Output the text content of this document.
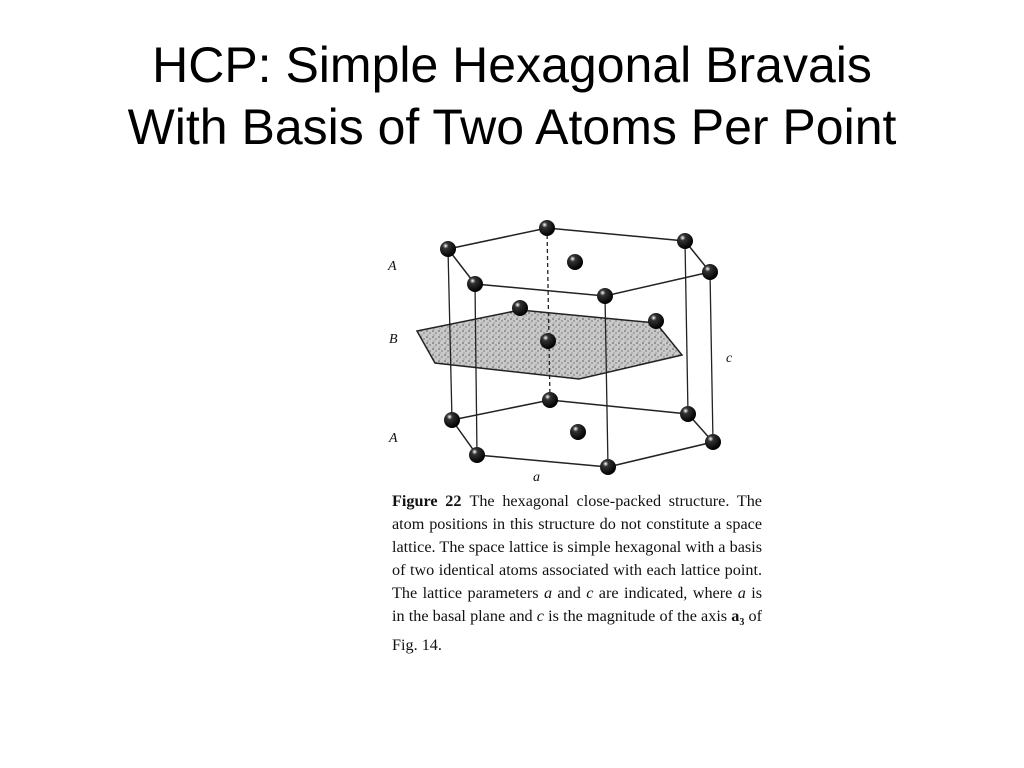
HCP: Simple Hexagonal Bravais
With Basis of Two Atoms Per Point
A
B
A
c
a

Figure 22 The hexagonal close-packed structure. The atom positions in this structure do not constitute a space lattice. The space lattice is simple hexagonal with a basis of two identical atoms associated with each lattice point. The lattice parameters a and c are indicated, where a is in the basal plane and c is the magnitude of the axis $a_3$ of Fig. 14.
